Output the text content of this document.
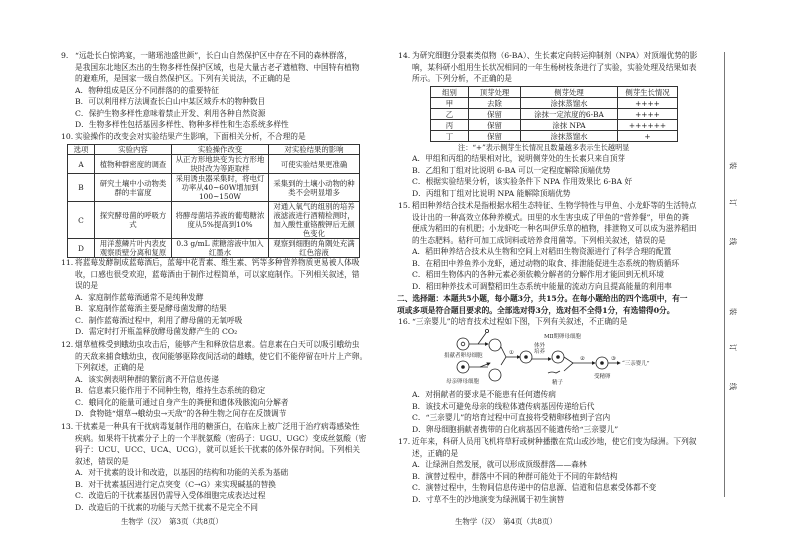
“远赴长白惊鸿宴，一睹瑶池盛世颜”，长白山自然保护区中存在不同的森林群落，
9.
是我国东北地区杰出的生物多样性保护区域，也是大量古老孑遗植物、中国特有植物
的避难所，是国家一级自然保护区。下列有关说法，不正确的是
A．物种组成是区分不同群落的的重要特征
B．可以利用样方法调查长白山中某区域乔木的物种数目
C．保护生物多样性意味着禁止开发、利用各种自然资源
D．生物多样性包括基因多样性、物种多样性和生态系统多样性
实验操作的改变会对实验结果产生影响，下面相关分析，不合理的是
10.
选项	实验内容	实验操作改变	对实验结果的影响
A	植物种群密度的调查	从正方形地块变为长方形地块时改为等距取样	可使实验结果更准确
B	研究土壤中小动物类群的丰富度	采用诱虫器采集时，将电灯功率从40~60W增加到100~150W	采集到的土壤小动物的种类不会明显增多
C	探究酵母菌的呼吸方式	将酵母菌培养液的葡萄糖浓度从5%提高到10%	对通入氧气的组别的培养液滤液进行酒精检测时，加入酸性重铬酸钾后无颜色变化
D	用洋葱鳞片叶内表皮观察质壁分离和复原	0.3 g/mL 蔗糖溶液中加入红墨水	观察到细胞的角隅处充满红色溶液
将蓝莓发酵制成蓝莓酒后，蓝莓中花青素、维生素、钙等多种营养物质更易被人体吸
11.
收，口感也很受欢迎，蓝莓酒由于制作过程简单，可以家庭制作。下列相关叙述，错
误的是
A．家庭制作蓝莓酒通常不是纯种发酵
B．家庭制作蓝莓酒主要是酵母菌发酵的结果
C．制作蓝莓酒过程中，利用了酵母菌的无氧呼吸
D．需定时打开瓶盖释放酵母菌发酵产生的 CO₂
烟草植株受到蛾幼虫攻击后，能够产生和释放信息素。信息素在白天可以吸引蛾幼虫
12.
的天敌来捕食蛾幼虫，夜间能够驱除夜间活动的雌蛾，使它们不能停留在叶片上产卵。
下列叙述，正确的是
A．该实例表明种群的繁衍离不开信息传递
B．信息素只能作用于不同种生物，维持生态系统的稳定
C．蛾同化的能量可通过自身产生的粪便和遗体残骸流向分解者
D．食物链“烟草→蛾幼虫→天敌”的各种生物之间存在反馈调节
干扰素是一种具有干扰病毒复制作用的糖蛋白，在临床上被广泛用于治疗病毒感染性
13.
疾病。如果将干扰素分子上的一个半胱氨酸（密码子：UGU、UGC）变成丝氨酸（密
码子：UCU、UCC、UCA、UCG），就可以延长干扰素的体外保存时间。下列相关
叙述，错误的是
A．对干扰素的设计和改造，以基因的结构和功能的关系为基础
B．对干扰素基因进行定点突变（C→G）来实现碱基的替换
C．改造后的干扰素基因仍需导入受体细胞完成表达过程
D．改造后的干扰素的功能与天然干扰素不是完全不同
生物学（汉）　第3页（共8页）
为研究细胞分裂素类似物（6-BA）、生长素定向转运抑制剂（NPA）对顶端优势的影
14.
响，某科研小组用生长状况相同的一年生杨树枝条进行了实验，实验处理及结果如表
所示。下列分析，不正确的是
组别	顶芽处理	侧芽处理	侧芽生长情况
甲	去除	涂抹蒸馏水	++++
乙	保留	涂抹一定浓度的6-BA	++++
丙	保留	涂抹 NPA	++++++
丁	保留	涂抹蒸馏水	+
注：“+”表示侧芽生长情况且数量越多表示生长越明显
A．甲组和丙组的结果相对比，说明侧芽处的生长素只来自顶芽
B．乙组和丁组对比说明 6-BA 可以一定程度解除顶端优势
C．根据实验结果分析，该实验条件下 NPA 作用效果比 6-BA 好
D．丙组和丁组对比说明 NPA 能解除顶端优势
稻田种养结合技术是指根据水稻生态特征、生物学特性与甲鱼、小龙虾等的生活特点
15.
设计出的一种高效立体种养模式。田里的水生害虫成了甲鱼的“营养餐”，甲鱼的粪
便成为稻田的有机肥；小龙虾吃一种名叫伊乐草的植物，排泄物又可以成为滋养稻田
的生态肥料。秸秆可加工成饲料或培养食用菌等。下列相关叙述，错误的是
A．稻田种养结合技术从生物和空间上对稻田生物资源进行了科学合理的配置
B．在稻田中养鱼养小龙虾，通过动物的取食、排泄能促进生态系统的物质循环
C．稻田生物体内的各种元素必须依赖分解者的分解作用才能回到无机环境
D．稻田种养技术可调整稻田生态系统中能量的流动方向且提高能量的利用率
二、选择题：本题共5小题，每小题3分，共15分。在每小题给出的四个选项中，有一
项或多项是符合题目要求的。全部选对得3分，选对但不全得1分，有选错得0分。
“三亲婴儿”的培育技术过程如下图，下列有关叙述，不正确的是
16.
捐献者卵母细胞
母亲卵母细胞
①
MⅡ期卵母细胞
②
精子
受精卵
③
“三亲婴儿”
体外培养
A．对捐献者的要求是不能患有任何遗传病
B．该技术可避免母亲的线粒体遗传病基因传递给后代
C．“三亲婴儿”的培育过程中可直接将受精卵移植到子宫内
D．卵母细胞捐献者携带的白化病基因不能遗传给“三亲婴儿”
近年来，科研人员用飞机将草籽或树种播撒在荒山或沙地，使它们变为绿洲。下列叙
17.
述，正确的是
A．让绿洲自然发展，就可以形成顶级群落——森林
B．演替过程中，群落中不同的种群可能处于不同的年龄结构
C．演替过程中，生物间信息传递中的信息源、信道和信息素受体都不变
D．寸草不生的沙地演变为绿洲属于初生演替
生物学（汉）　第4页（共8页）
装
订
线
装
订
线
